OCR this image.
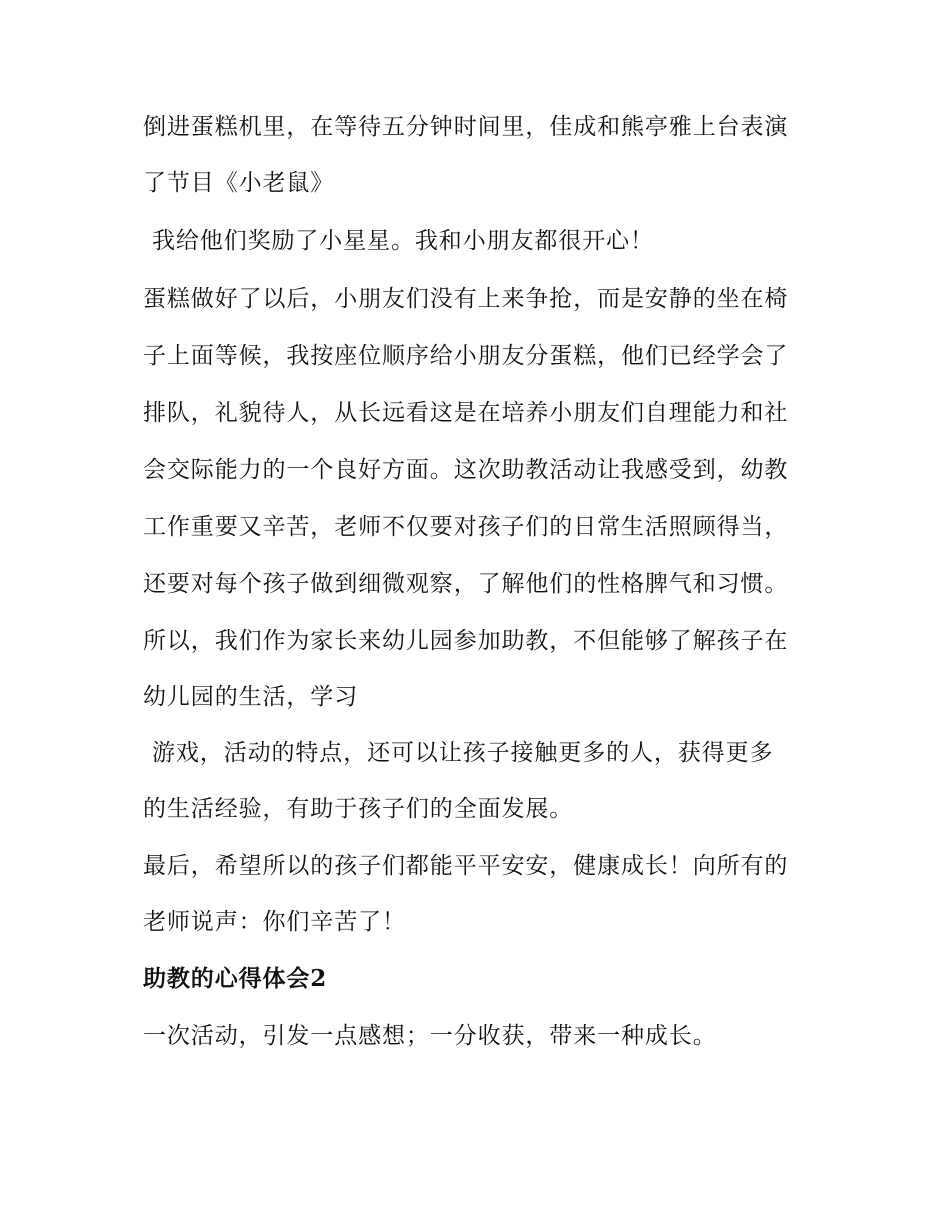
倒进蛋糕机里，在等待五分钟时间里，佳成和熊亭雅上台表演
了节目《小老鼠》
我给他们奖励了小星星。我和小朋友都很开心！
蛋糕做好了以后，小朋友们没有上来争抢，而是安静的坐在椅
子上面等候，我按座位顺序给小朋友分蛋糕，他们已经学会了
排队，礼貌待人，从长远看这是在培养小朋友们自理能力和社
会交际能力的一个良好方面。这次助教活动让我感受到，幼教
工作重要又辛苦，老师不仅要对孩子们的日常生活照顾得当，
还要对每个孩子做到细微观察，了解他们的性格脾气和习惯。
所以，我们作为家长来幼儿园参加助教，不但能够了解孩子在
幼儿园的生活，学习
游戏，活动的特点，还可以让孩子接触更多的人，获得更多
的生活经验，有助于孩子们的全面发展。
最后，希望所以的孩子们都能平平安安，健康成长！向所有的
老师说声：你们辛苦了！
助教的心得体会2
一次活动，引发一点感想；一分收获，带来一种成长。
